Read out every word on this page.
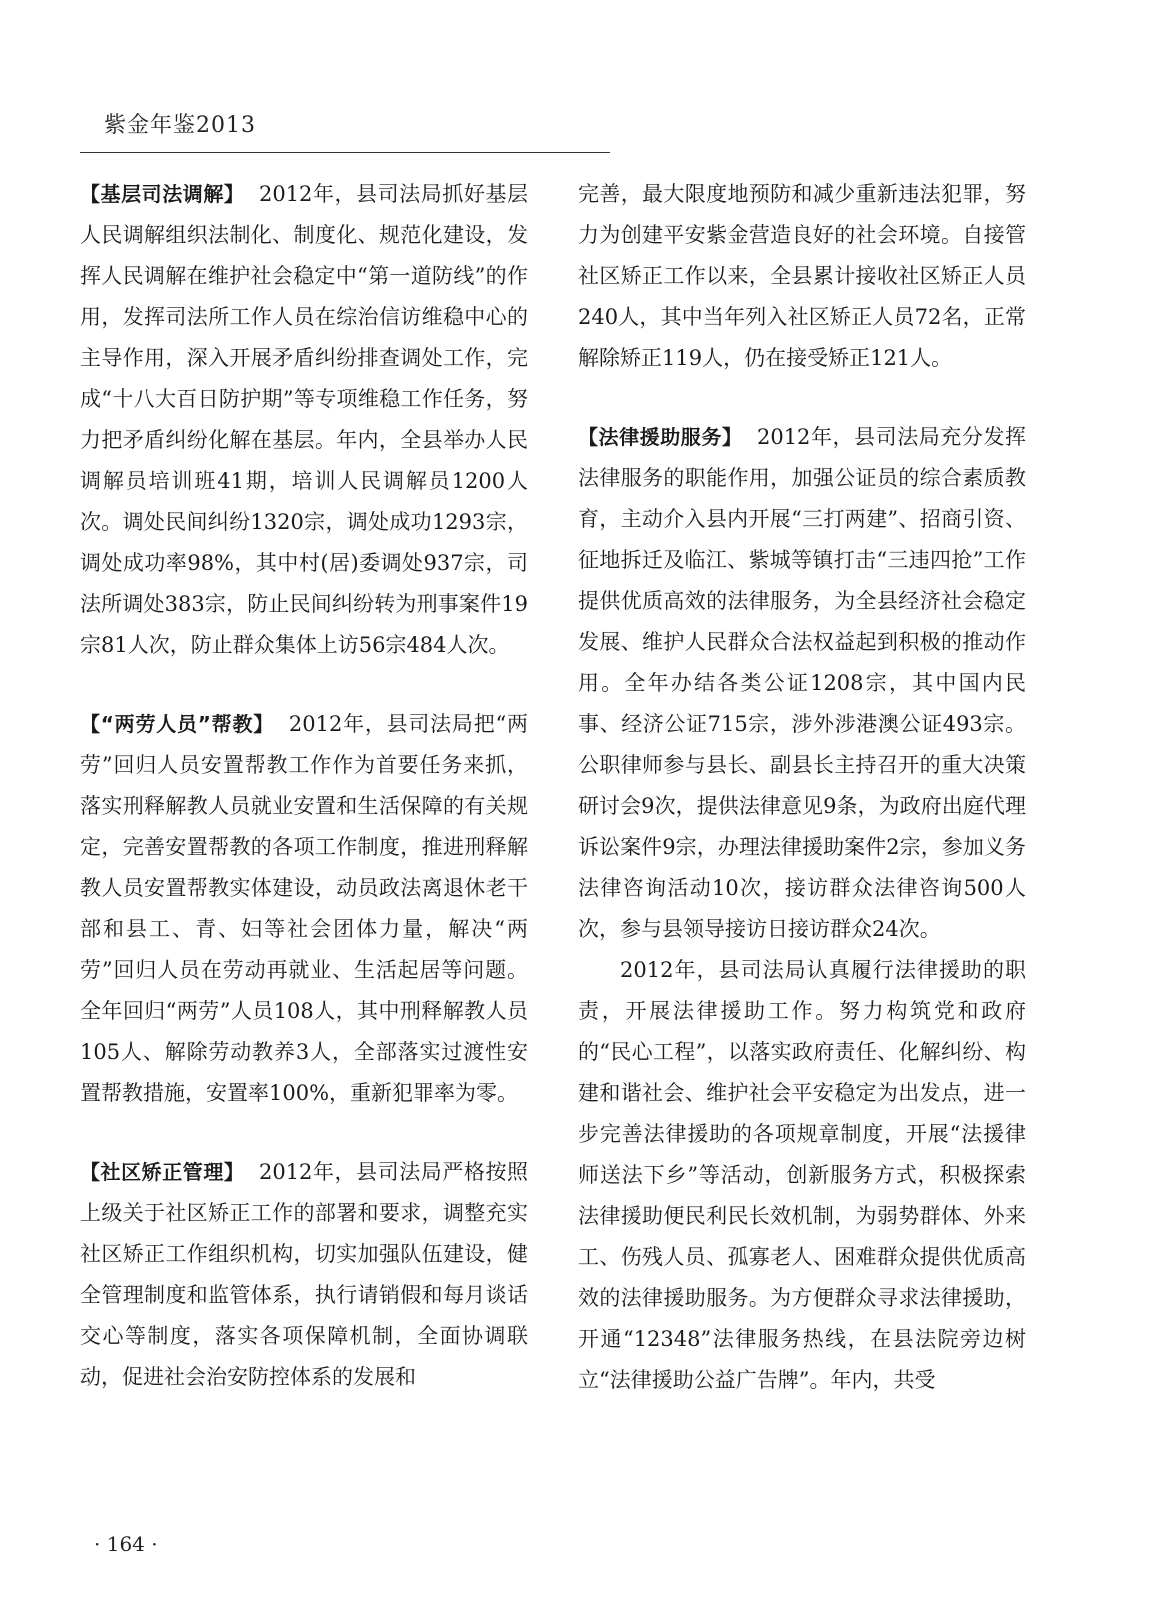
紫金年鉴2013

【基层司法调解】 2012年，县司法局抓好基层人民调解组织法制化、制度化、规范化建设，发挥人民调解在维护社会稳定中“第一道防线”的作用，发挥司法所工作人员在综治信访维稳中心的主导作用，深入开展矛盾纠纷排查调处工作，完成“十八大百日防护期”等专项维稳工作任务，努力把矛盾纠纷化解在基层。年内，全县举办人民调解员培训班41期，培训人民调解员1200人次。调处民间纠纷1320宗，调处成功1293宗，调处成功率98%，其中村(居)委调处937宗，司法所调处383宗，防止民间纠纷转为刑事案件19宗81人次，防止群众集体上访56宗484人次。

【“两劳人员”帮教】 2012年，县司法局把“两劳”回归人员安置帮教工作作为首要任务来抓，落实刑释解教人员就业安置和生活保障的有关规定，完善安置帮教的各项工作制度，推进刑释解教人员安置帮教实体建设，动员政法离退休老干部和县工、青、妇等社会团体力量，解决“两劳”回归人员在劳动再就业、生活起居等问题。全年回归“两劳”人员108人，其中刑释解教人员105人、解除劳动教养3人，全部落实过渡性安置帮教措施，安置率100%，重新犯罪率为零。

【社区矫正管理】 2012年，县司法局严格按照上级关于社区矫正工作的部署和要求，调整充实社区矫正工作组织机构，切实加强队伍建设，健全管理制度和监管体系，执行请销假和每月谈话交心等制度，落实各项保障机制，全面协调联动，促进社会治安防控体系的发展和

完善，最大限度地预防和减少重新违法犯罪，努力为创建平安紫金营造良好的社会环境。自接管社区矫正工作以来，全县累计接收社区矫正人员240人，其中当年列入社区矫正人员72名，正常解除矫正119人，仍在接受矫正121人。

【法律援助服务】 2012年，县司法局充分发挥法律服务的职能作用，加强公证员的综合素质教育，主动介入县内开展“三打两建”、招商引资、征地拆迁及临江、紫城等镇打击“三违四抢”工作提供优质高效的法律服务，为全县经济社会稳定发展、维护人民群众合法权益起到积极的推动作用。全年办结各类公证1208宗，其中国内民事、经济公证715宗，涉外涉港澳公证493宗。公职律师参与县长、副县长主持召开的重大决策研讨会9次，提供法律意见9条，为政府出庭代理诉讼案件9宗，办理法律援助案件2宗，参加义务法律咨询活动10次，接访群众法律咨询500人次，参与县领导接访日接访群众24次。

2012年，县司法局认真履行法律援助的职责，开展法律援助工作。努力构筑党和政府的“民心工程”，以落实政府责任、化解纠纷、构建和谐社会、维护社会平安稳定为出发点，进一步完善法律援助的各项规章制度，开展“法援律师送法下乡”等活动，创新服务方式，积极探索法律援助便民利民长效机制，为弱势群体、外来工、伤残人员、孤寡老人、困难群众提供优质高效的法律援助服务。为方便群众寻求法律援助，开通“12348”法律服务热线，在县法院旁边树立“法律援助公益广告牌”。年内，共受

· 164 ·
